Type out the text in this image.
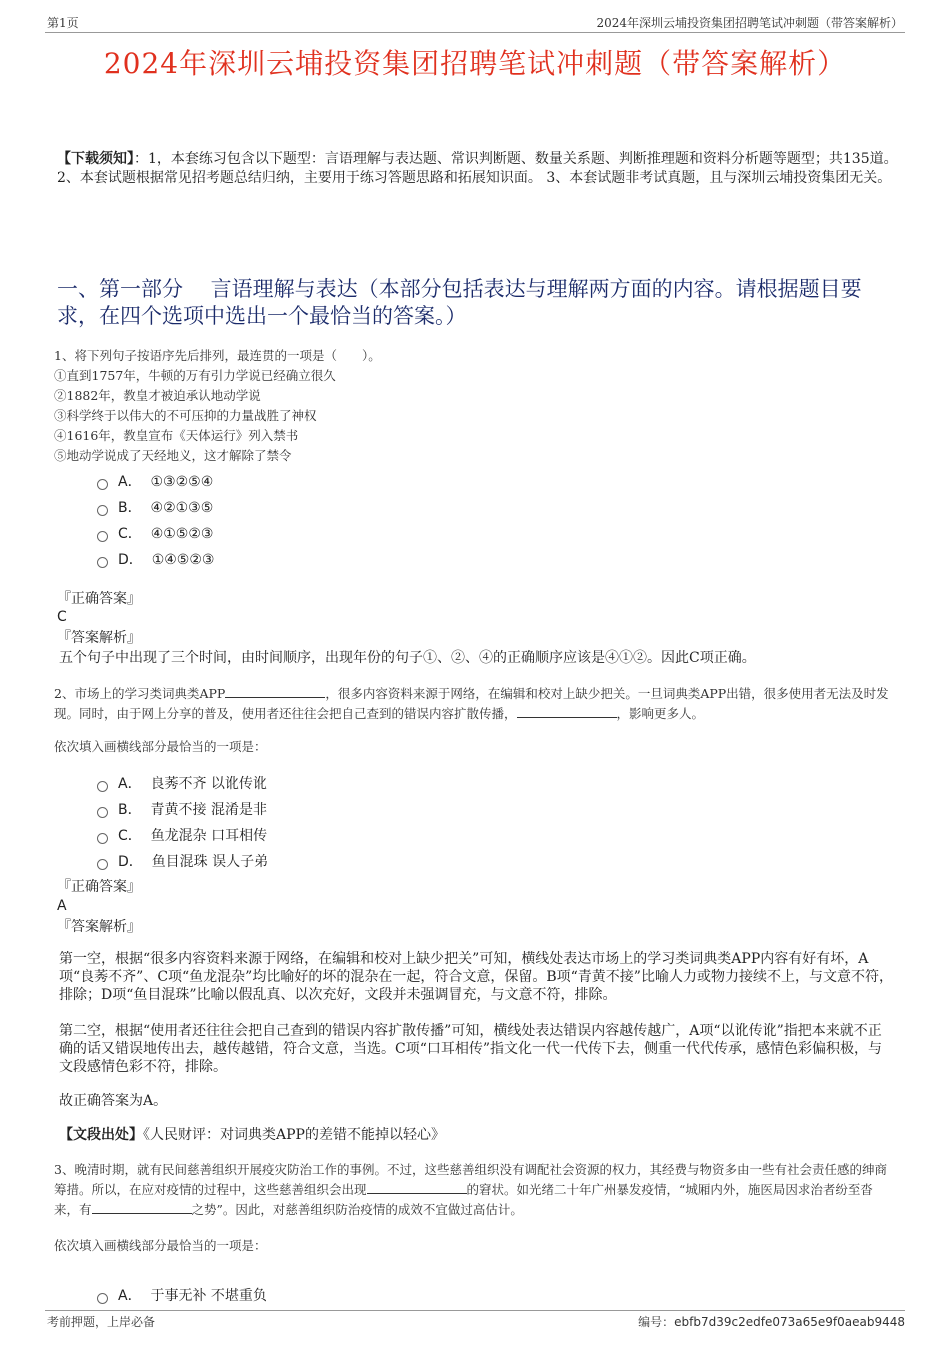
第1页	2024年深圳云埔投资集团招聘笔试冲刺题（带答案解析）
2024年深圳云埔投资集团招聘笔试冲刺题（带答案解析）
【下载须知】：1，本套练习包含以下题型：言语理解与表达题、常识判断题、数量关系题、判断推理题和资料分析题等题型；共135道。 2、本套试题根据常见招考题总结归纳，主要用于练习答题思路和拓展知识面。 3、本套试题非考试真题，且与深圳云埔投资集团无关。
一、第一部分　 言语理解与表达（本部分包括表达与理解两方面的内容。请根据题目要求，在四个选项中选出一个最恰当的答案。）
1、将下列句子按语序先后排列，最连贯的一项是（　　）。
①直到1757年，牛顿的万有引力学说已经确立很久
②1882年，教皇才被迫承认地动学说
③科学终于以伟大的不可压抑的力量战胜了神权
④1616年，教皇宣布《天体运行》列入禁书
⑤地动学说成了天经地义，这才解除了禁令
A． ①③②⑤④
B． ④②①③⑤
C． ④①⑤②③
D． ①④⑤②③
『正确答案』
C
『答案解析』
五个句子中出现了三个时间，由时间顺序，出现年份的句子①、②、④的正确顺序应该是④①②。因此C项正确。
2、市场上的学习类词典类APP	，很多内容资料来源于网络，在编辑和校对上缺少把关。一旦词典类APP出错，很多使用者无法及时发现。同时，由于网上分享的普及，使用者还往往会把自己查到的错误内容扩散传播，	，影响更多人。
依次填入画横线部分最恰当的一项是：
A． 良莠不齐 以讹传讹
B． 青黄不接 混淆是非
C． 鱼龙混杂 口耳相传
D． 鱼目混珠 误人子弟
『正确答案』
A
『答案解析』
第一空，根据“很多内容资料来源于网络，在编辑和校对上缺少把关”可知，横线处表达市场上的学习类词典类APP内容有好有坏，A项“良莠不齐”、C项“鱼龙混杂”均比喻好的坏的混杂在一起，符合文意，保留。B项“青黄不接”比喻人力或物力接续不上，与文意不符，排除；D项“鱼目混珠”比喻以假乱真、以次充好，文段并未强调冒充，与文意不符，排除。
第二空，根据“使用者还往往会把自己查到的错误内容扩散传播”可知，横线处表达错误内容越传越广，A项“以讹传讹”指把本来就不正确的话又错误地传出去，越传越错，符合文意，当选。C项“口耳相传”指文化一代一代传下去，侧重一代代传承，感情色彩偏积极，与文段感情色彩不符，排除。
故正确答案为A。
【文段出处】《人民财评：对词典类APP的差错不能掉以轻心》
3、晚清时期，就有民间慈善组织开展疫灾防治工作的事例。不过，这些慈善组织没有调配社会资源的权力，其经费与物资多由一些有社会责任感的绅商筹措。所以，在应对疫情的过程中，这些慈善组织会出现	的窘状。如光绪二十年广州暴发疫情，“城厢内外，施医局因求治者纷至沓来，有	之势”。因此，对慈善组织防治疫情的成效不宜做过高估计。
依次填入画横线部分最恰当的一项是：
A． 于事无补 不堪重负
考前押题，上岸必备	编号：ebfb7d39c2edfe073a65e9f0aeab9448
